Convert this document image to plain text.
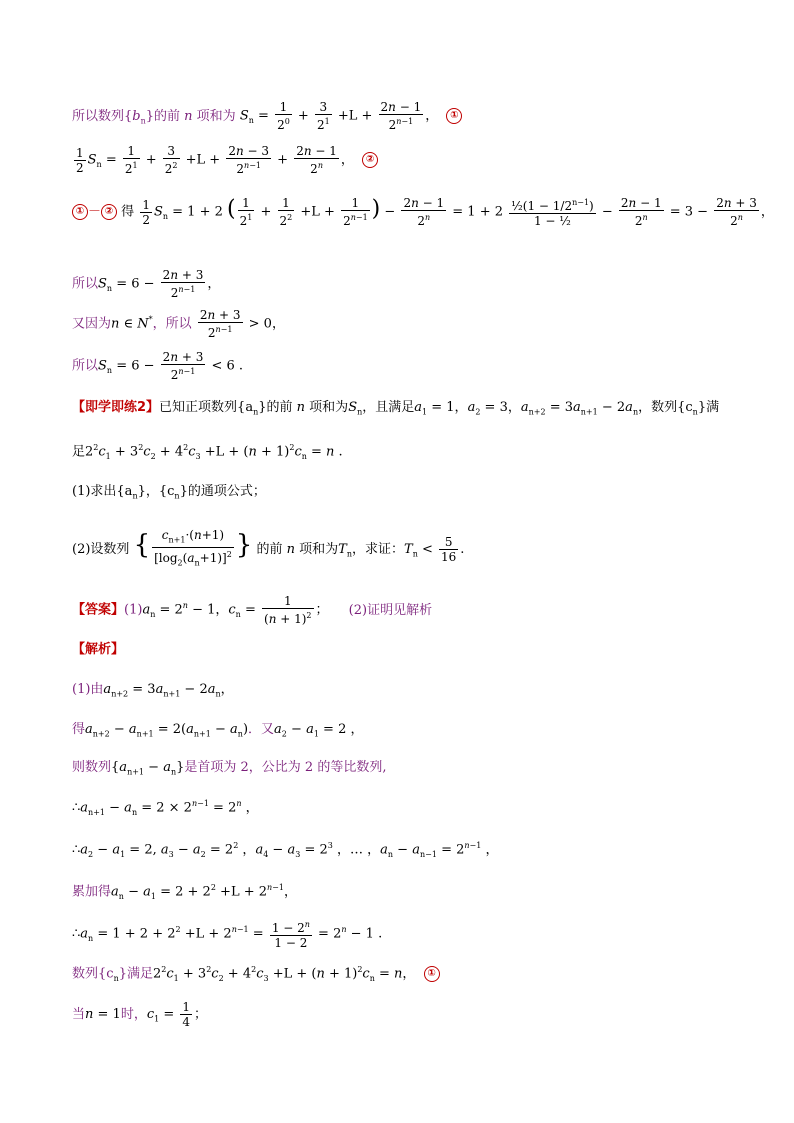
所以数列$\{b_n\}$的前 n 项和为 $S_n = \frac{1}{2^0} + \frac{3}{2^1} +L + \frac{2n - 1}{2^{n-1}}$ ， ①
$\frac{1}{2} S_n = \frac{1}{2^1} + \frac{3}{2^2} +L + \frac{2n - 3}{2^{n-1}} + \frac{2n - 1}{2^n}$ ， ②
① － ② 得 $\frac{1}{2} S_n = 1 + 2$ ( $\frac{1}{2^1} + \frac{1}{2^2} +L + \frac{1}{2^{n-1}}$ ) − $\frac{2n - 1}{2^n} = 1 + 2 \frac{\frac{1}{2}(1 - 1/2^{n-1})}{\text{1 − ½}} - \frac{2n - 1}{2^n} = 3 - \frac{2n + 3}{2^n}$ ，
所以$S_n = 6 - \frac{2n + 3}{2^{n-1}}$ ，
又因为n ∈ N*，所以 $\frac{2n + 3}{2^{n-1}} > 0$，
所以$S_n = 6 - \frac{2n + 3}{2^{n-1}} < 6$ .
【即学即练2】已知正项数列$\{a_n\}$的前 n 项和为$S_n$，且满足$a_1 = 1$，$a_2 = 3$，$a_{n+2} = 3a_{n+1} - 2a_n$，数列$\{c_n\}$满
足$2^2c_1 + 3^2c_2 + 4^2c_3 +L + (n + 1)^2c_n = n$ .
(1)求出$\{a_n\}$，$\{c_n\}$的通项公式；
(2)设数列 { $\frac{c_{n+1}\cdot(n+1)}{[\log_2(a_n+1)]^2}$ } 的前 n 项和为$T_n$，求证：$T_n < \frac{5}{16}$ .
【答案】$(1)a_n = 2^n - 1$，$c_n = \frac{1}{(n + 1)^2}$ ； (2)证明见解析
【解析】
(1)由$a_{n+2} = 3a_{n+1} - 2a_n$，
得$a_{n+2} - a_{n+1} = 2(a_{n+1} - a_n)$．又$a_2 - a_1 = 2$ ，
则数列$\{a_{n+1} - a_n\}$是首项为 2，公比为 2 的等比数列,
$\therefore a_{n+1} - a_n = 2 \times 2^{n-1} = 2^n$ ，
$\therefore a_2 - a_1 = 2$, $a_3 - a_2 = 2^2$ ，$a_4 - a_3 = 2^3$ ，… ，$a_n - a_{n-1} = 2^{n-1}$ ，
累加得$a_n - a_1 = 2 + 2^2 +L + 2^{n-1}$，
$\therefore a_n = 1 + 2 + 2^2 +L + 2^{n-1} = \frac{1 - 2^n}{1 - 2} = 2^n - 1$ .
数列$\{c_n\}$满足$2^2c_1 + 3^2c_2 + 4^2c_3 +L + (n + 1)^2c_n = n$， ①
当n = 1时，$c_1 = \frac{1}{4}$ ；
